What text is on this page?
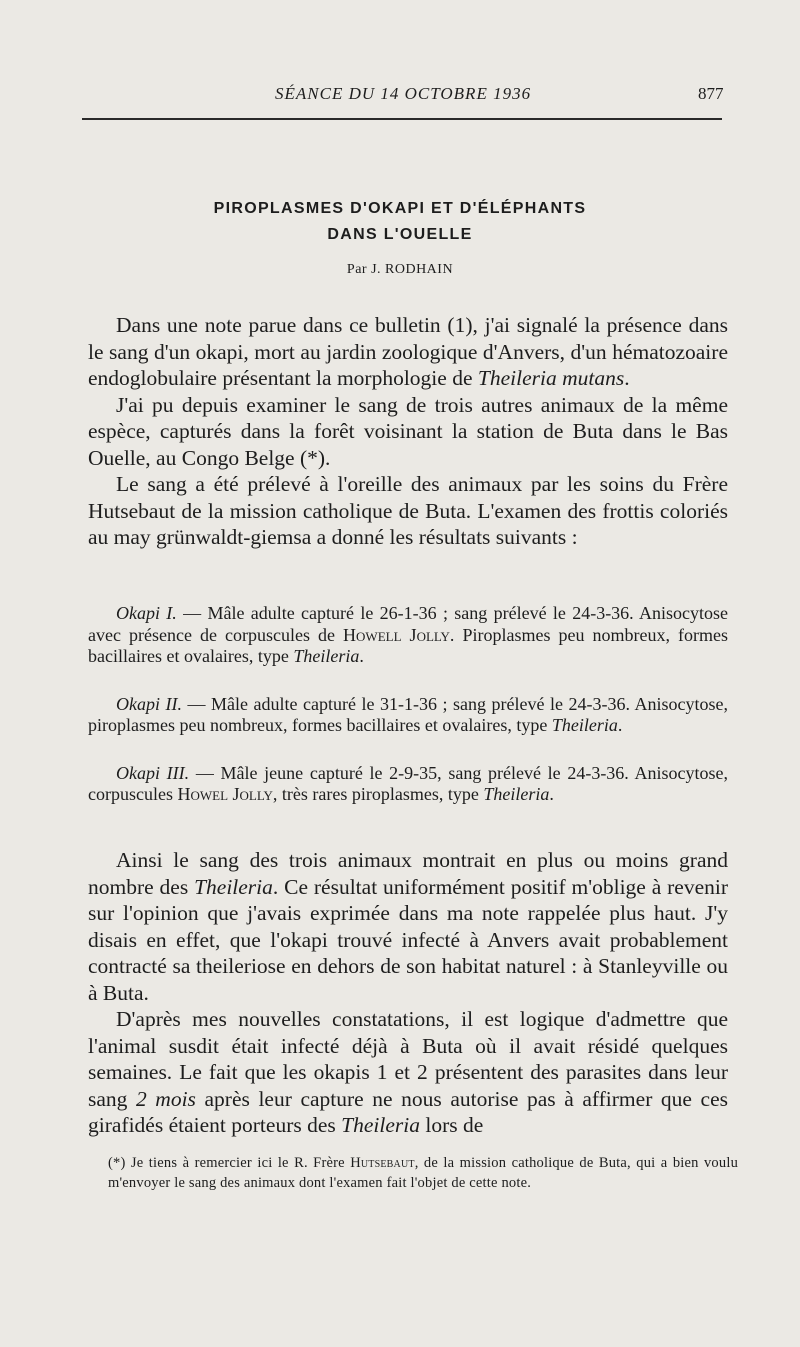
SÉANCE DU 14 OCTOBRE 1936	877
PIROPLASMES D'OKAPI ET D'ÉLÉPHANTS
DANS L'OUELLE
Par J. RODHAIN

Dans une note parue dans ce bulletin (1), j'ai signalé la présence dans le sang d'un okapi, mort au jardin zoologique d'Anvers, d'un hématozoaire endoglobulaire présentant la morphologie de Theileria mutans.

J'ai pu depuis examiner le sang de trois autres animaux de la même espèce, capturés dans la forêt voisinant la station de Buta dans le Bas Ouelle, au Congo Belge (*).

Le sang a été prélevé à l'oreille des animaux par les soins du Frère Hutsebaut de la mission catholique de Buta. L'examen des frottis coloriés au may grünwaldt-giemsa a donné les résultats suivants :

Okapi I. — Mâle adulte capturé le 26-1-36 ; sang prélevé le 24-3-36. Anisocytose avec présence de corpuscules de Howell Jolly. Piroplasmes peu nombreux, formes bacillaires et ovalaires, type Theileria.

Okapi II. — Mâle adulte capturé le 31-1-36 ; sang prélevé le 24-3-36. Anisocytose, piroplasmes peu nombreux, formes bacillaires et ovalaires, type Theileria.

Okapi III. — Mâle jeune capturé le 2-9-35, sang prélevé le 24-3-36. Anisocytose, corpuscules Howel Jolly, très rares piroplasmes, type Theileria.

Ainsi le sang des trois animaux montrait en plus ou moins grand nombre des Theileria. Ce résultat uniformément positif m'oblige à revenir sur l'opinion que j'avais exprimée dans ma note rappelée plus haut. J'y disais en effet, que l'okapi trouvé infecté à Anvers avait probablement contracté sa theileriose en dehors de son habitat naturel : à Stanleyville ou à Buta.

D'après mes nouvelles constatations, il est logique d'admettre que l'animal susdit était infecté déjà à Buta où il avait résidé quelques semaines. Le fait que les okapis 1 et 2 présentent des parasites dans leur sang 2 mois après leur capture ne nous autorise pas à affirmer que ces girafidés étaient porteurs des Theileria lors de

(*) Je tiens à remercier ici le R. Frère Hutsebaut, de la mission catholique de Buta, qui a bien voulu m'envoyer le sang des animaux dont l'examen fait l'objet de cette note.
